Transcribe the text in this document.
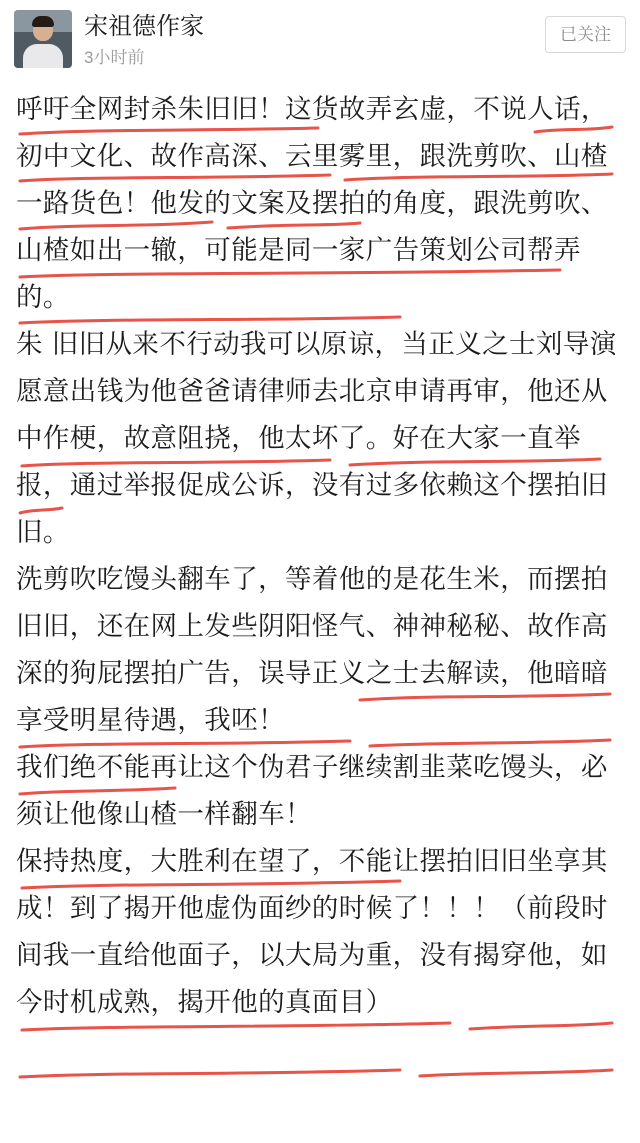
宋祖德作家
3小时前
已关注

呼吁全网封杀朱旧旧！这货故弄玄虚，不说人话，初中文化、故作高深、云里雾里，跟洗剪吹、山楂一路货色！他发的文案及摆拍的角度，跟洗剪吹、山楂如出一辙，可能是同一家广告策划公司帮弄的。

朱 旧旧从来不行动我可以原谅，当正义之士刘导演愿意出钱为他爸爸请律师去北京申请再审，他还从中作梗，故意阻挠，他太坏了。好在大家一直举报，通过举报促成公诉，没有过多依赖这个摆拍旧旧。

洗剪吹吃馒头翻车了，等着他的是花生米，而摆拍旧旧，还在网上发些阴阳怪气、神神秘秘、故作高深的狗屁摆拍广告，误导正义之士去解读，他暗暗享受明星待遇，我呸！

我们绝不能再让这个伪君子继续割韭菜吃馒头，必须让他像山楂一样翻车！

保持热度，大胜利在望了，不能让摆拍旧旧坐享其成！到了揭开他虚伪面纱的时候了！！！（前段时间我一直给他面子，以大局为重，没有揭穿他，如今时机成熟，揭开他的真面目）
